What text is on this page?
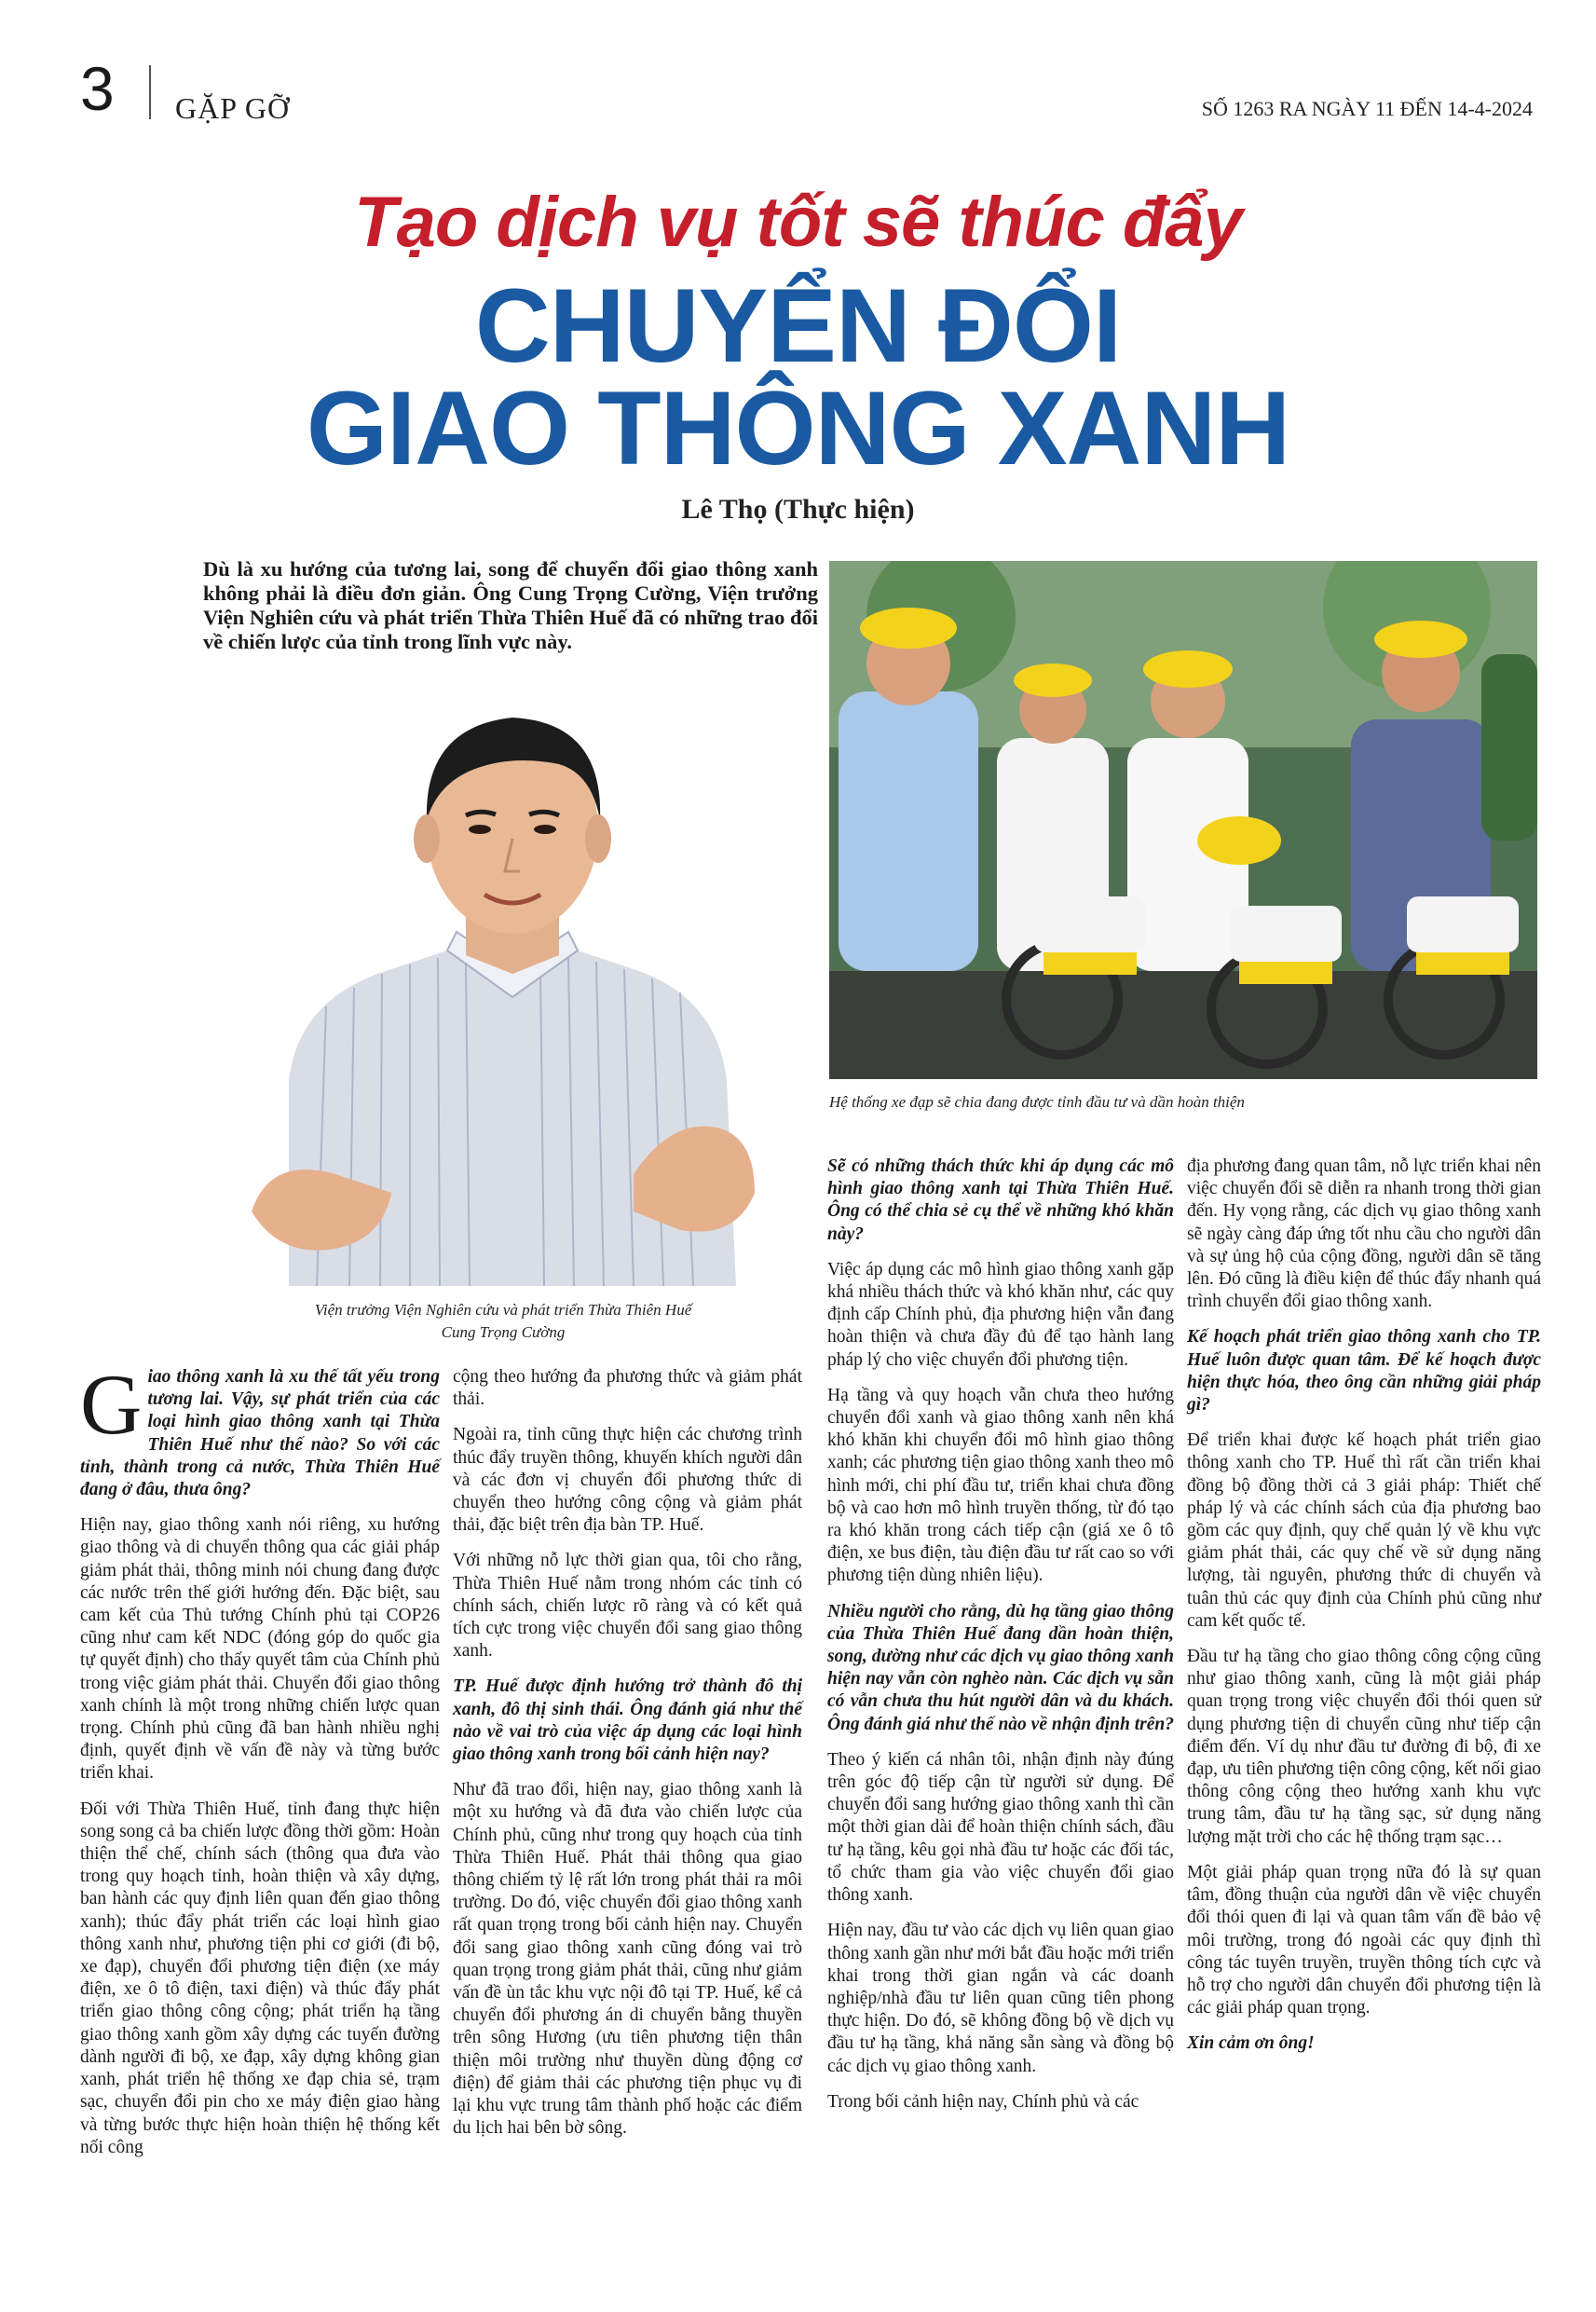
3 GẶP GỠ	SỐ 1263 RA NGÀY 11 ĐẾN 14-4-2024
Tạo dịch vụ tốt sẽ thúc đẩy
CHUYỂN ĐỔI
GIAO THÔNG XANH
Lê Thọ (Thực hiện)
Dù là xu hướng của tương lai, song để chuyển đổi giao thông xanh không phải là điều đơn giản. Ông Cung Trọng Cường, Viện trưởng Viện Nghiên cứu và phát triển Thừa Thiên Huế đã có những trao đổi về chiến lược của tỉnh trong lĩnh vực này.
Viện trưởng Viện Nghiên cứu và phát triển Thừa Thiên Huế
Cung Trọng Cường
Hệ thống xe đạp sẽ chia đang được tỉnh đầu tư và dần hoàn thiện

Giao thông xanh là xu thế tất yếu trong tương lai. Vậy, sự phát triển của các loại hình giao thông xanh tại Thừa Thiên Huế như thế nào? So với các tỉnh, thành trong cả nước, Thừa Thiên Huế đang ở đâu, thưa ông?

Hiện nay, giao thông xanh nói riêng, xu hướng giao thông và di chuyển thông qua các giải pháp giảm phát thải, thông minh nói chung đang được các nước trên thế giới hướng đến. Đặc biệt, sau cam kết của Thủ tướng Chính phủ tại COP26 cũng như cam kết NDC (đóng góp do quốc gia tự quyết định) cho thấy quyết tâm của Chính phủ trong việc giảm phát thải. Chuyển đổi giao thông xanh chính là một trong những chiến lược quan trọng. Chính phủ cũng đã ban hành nhiều nghị định, quyết định về vấn đề này và từng bước triển khai.

Đối với Thừa Thiên Huế, tỉnh đang thực hiện song song cả ba chiến lược đồng thời gồm: Hoàn thiện thể chế, chính sách (thông qua đưa vào trong quy hoạch tỉnh, hoàn thiện và xây dựng, ban hành các quy định liên quan đến giao thông xanh); thúc đẩy phát triển các loại hình giao thông xanh như, phương tiện phi cơ giới (đi bộ, xe đạp), chuyển đổi phương tiện điện (xe máy điện, xe ô tô điện, taxi điện) và thúc đẩy phát triển giao thông công cộng; phát triển hạ tầng giao thông xanh gồm xây dựng các tuyến đường dành người đi bộ, xe đạp, xây dựng không gian xanh, phát triển hệ thống xe đạp chia sẻ, trạm sạc, chuyển đổi pin cho xe máy điện giao hàng và từng bước thực hiện hoàn thiện hệ thống kết nối công

cộng theo hướng đa phương thức và giảm phát thải.

Ngoài ra, tỉnh cũng thực hiện các chương trình thúc đẩy truyền thông, khuyến khích người dân và các đơn vị chuyển đổi phương thức di chuyển theo hướng công cộng và giảm phát thải, đặc biệt trên địa bàn TP. Huế.

Với những nỗ lực thời gian qua, tôi cho rằng, Thừa Thiên Huế nằm trong nhóm các tỉnh có chính sách, chiến lược rõ ràng và có kết quả tích cực trong việc chuyển đổi sang giao thông xanh.

TP. Huế được định hướng trở thành đô thị xanh, đô thị sinh thái. Ông đánh giá như thế nào về vai trò của việc áp dụng các loại hình giao thông xanh trong bối cảnh hiện nay?

Như đã trao đổi, hiện nay, giao thông xanh là một xu hướng và đã đưa vào chiến lược của Chính phủ, cũng như trong quy hoạch của tỉnh Thừa Thiên Huế. Phát thải thông qua giao thông chiếm tỷ lệ rất lớn trong phát thải ra môi trường. Do đó, việc chuyển đổi giao thông xanh rất quan trọng trong bối cảnh hiện nay. Chuyển đổi sang giao thông xanh cũng đóng vai trò quan trọng trong giảm phát thải, cũng như giảm vấn đề ùn tắc khu vực nội đô tại TP. Huế, kể cả chuyển đổi phương án di chuyển bằng thuyền trên sông Hương (ưu tiên phương tiện thân thiện môi trường như thuyền dùng động cơ điện) để giảm thải các phương tiện phục vụ đi lại khu vực trung tâm thành phố hoặc các điểm du lịch hai bên bờ sông.

Sẽ có những thách thức khi áp dụng các mô hình giao thông xanh tại Thừa Thiên Huế. Ông có thể chia sẻ cụ thể về những khó khăn này?

Việc áp dụng các mô hình giao thông xanh gặp khá nhiều thách thức và khó khăn như, các quy định cấp Chính phủ, địa phương hiện vẫn đang hoàn thiện và chưa đầy đủ để tạo hành lang pháp lý cho việc chuyển đổi phương tiện.

Hạ tầng và quy hoạch vẫn chưa theo hướng chuyển đổi xanh và giao thông xanh nên khá khó khăn khi chuyển đổi mô hình giao thông xanh; các phương tiện giao thông xanh theo mô hình mới, chi phí đầu tư, triển khai chưa đồng bộ và cao hơn mô hình truyền thống, từ đó tạo ra khó khăn trong cách tiếp cận (giá xe ô tô điện, xe bus điện, tàu điện đầu tư rất cao so với phương tiện dùng nhiên liệu).

Nhiều người cho rằng, dù hạ tầng giao thông của Thừa Thiên Huế đang dần hoàn thiện, song, dường như các dịch vụ giao thông xanh hiện nay vẫn còn nghèo nàn. Các dịch vụ sẵn có vẫn chưa thu hút người dân và du khách. Ông đánh giá như thế nào về nhận định trên?

Theo ý kiến cá nhân tôi, nhận định này đúng trên góc độ tiếp cận từ người sử dụng. Để chuyển đổi sang hướng giao thông xanh thì cần một thời gian dài để hoàn thiện chính sách, đầu tư hạ tầng, kêu gọi nhà đầu tư hoặc các đối tác, tổ chức tham gia vào việc chuyển đổi giao thông xanh.

Hiện nay, đầu tư vào các dịch vụ liên quan giao thông xanh gần như mới bắt đầu hoặc mới triển khai trong thời gian ngắn và các doanh nghiệp/nhà đầu tư liên quan cũng tiên phong thực hiện. Do đó, sẽ không đồng bộ về dịch vụ đầu tư hạ tầng, khả năng sẵn sàng và đồng bộ các dịch vụ giao thông xanh.

Trong bối cảnh hiện nay, Chính phủ và các

địa phương đang quan tâm, nỗ lực triển khai nên việc chuyển đổi sẽ diễn ra nhanh trong thời gian đến. Hy vọng rằng, các dịch vụ giao thông xanh sẽ ngày càng đáp ứng tốt nhu cầu cho người dân và sự ủng hộ của cộng đồng, người dân sẽ tăng lên. Đó cũng là điều kiện để thúc đẩy nhanh quá trình chuyển đổi giao thông xanh.

Kế hoạch phát triển giao thông xanh cho TP. Huế luôn được quan tâm. Để kế hoạch được hiện thực hóa, theo ông cần những giải pháp gì?

Để triển khai được kế hoạch phát triển giao thông xanh cho TP. Huế thì rất cần triển khai đồng bộ đồng thời cả 3 giải pháp: Thiết chế pháp lý và các chính sách của địa phương bao gồm các quy định, quy chế quản lý về khu vực giảm phát thải, các quy chế về sử dụng năng lượng, tài nguyên, phương thức di chuyển và tuân thủ các quy định của Chính phủ cũng như cam kết quốc tế.

Đầu tư hạ tầng cho giao thông công cộng cũng như giao thông xanh, cũng là một giải pháp quan trọng trong việc chuyển đổi thói quen sử dụng phương tiện di chuyển cũng như tiếp cận điểm đến. Ví dụ như đầu tư đường đi bộ, đi xe đạp, ưu tiên phương tiện công cộng, kết nối giao thông công cộng theo hướng xanh khu vực trung tâm, đầu tư hạ tầng sạc, sử dụng năng lượng mặt trời cho các hệ thống trạm sạc…

Một giải pháp quan trọng nữa đó là sự quan tâm, đồng thuận của người dân về việc chuyển đổi thói quen đi lại và quan tâm vấn đề bảo vệ môi trường, trong đó ngoài các quy định thì công tác tuyên truyền, truyền thông tích cực và hỗ trợ cho người dân chuyển đổi phương tiện là các giải pháp quan trọng.

Xin cảm ơn ông!
